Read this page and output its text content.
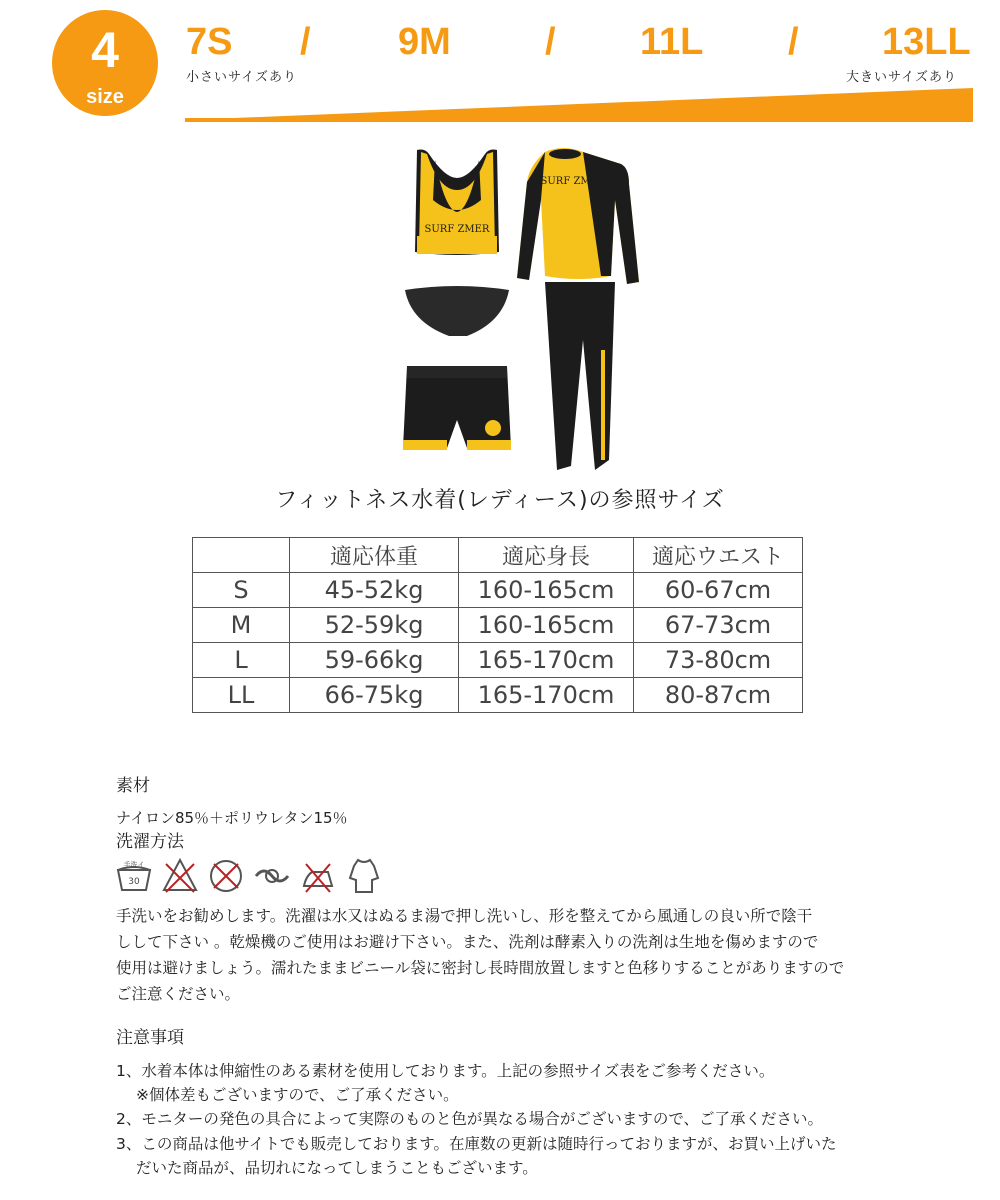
4
size
7S / 9M / 11L / 13LL
小さいサイズあり	大きいサイズあり
SURF ZMER
SURF ZMER
フィットネス水着(レディース)の参照サイズ
	適応体重	適応身長	適応ウエスト
S	45-52kg	160-165cm	60-67cm
M	52-59kg	160-165cm	67-73cm
L	59-66kg	165-170cm	73-80cm
LL	66-75kg	165-170cm	80-87cm
素材
ナイロン85％＋ポリウレタン15％
洗濯方法
手洗イ
30
手洗いをお勧めします。洗濯は水又はぬるま湯で押し洗いし、形を整えてから風通しの良い所で陰干
しして下さい 。乾燥機のご使用はお避け下さい。また、洗剤は酵素入りの洗剤は生地を傷めますので
使用は避けましょう。濡れたままビニール袋に密封し長時間放置しますと色移りすることがありますので
ご注意ください。
注意事項
1、水着本体は伸縮性のある素材を使用しております。上記の参照サイズ表をご参考ください。
※個体差もございますので、ご了承ください。
2、モニターの発色の具合によって実際のものと色が異なる場合がございますので、ご了承ください。
3、この商品は他サイトでも販売しております。在庫数の更新は随時行っておりますが、お買い上げいた
だいた商品が、品切れになってしまうこともございます。
